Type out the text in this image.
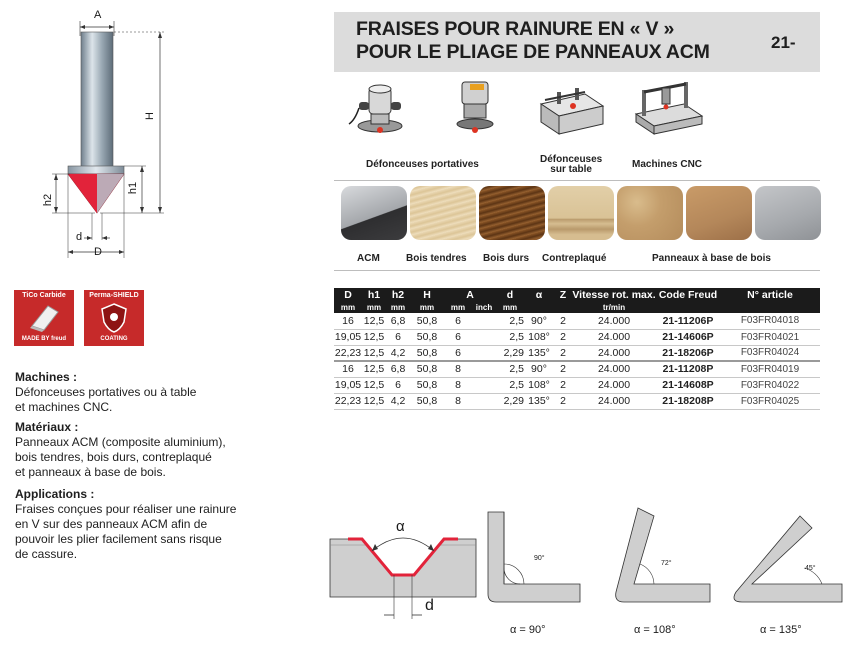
A
H
h1
h2
d
D
FRAISES POUR RAINURE EN « V »
POUR LE PLIAGE DE PANNEAUX ACM	21-
Défonceuses portatives	Défonceuses
sur table	Machines CNC
ACM	Bois tendres Bois durs Contreplaqué	Panneaux à base de bois
TiCo Carbide
MADE BY freud
Perma-SHIELD
COATING
Machines :
Défonceuses portatives ou à table
et machines CNC.
Matériaux :
Panneaux ACM (composite aluminium),
bois tendres, bois durs, contreplaqué
et panneaux à base de bois.
Applications :
Fraises conçues pour réaliser une rainure
en V sur des panneaux ACM afin de
pouvoir les plier facilement sans risque
de cassure.
D	h1	h2	H	A		d	α	Z	Vitesse rot. max.	Code Freud	N° article
mm	mm	mm	mm	mm	inch	mm			tr/min		
16	12,5	6,8	50,8	6		2,5	90°	2	24.000	21-11206P	F03FR04018
19,05	12,5	6	50,8	6		2,5	108°	2	24.000	21-14606P	F03FR04021
22,23	12,5	4,2	50,8	6		2,29	135°	2	24.000	21-18206P	F03FR04024
16	12,5	6,8	50,8	8		2,5	90°	2	24.000	21-11208P	F03FR04019
19,05	12,5	6	50,8	8		2,5	108°	2	24.000	21-14608P	F03FR04022
22,23	12,5	4,2	50,8	8		2,29	135°	2	24.000	21-18208P	F03FR04025
α
d
90°
α = 90°
72°
α = 108°
45°
α = 135°
